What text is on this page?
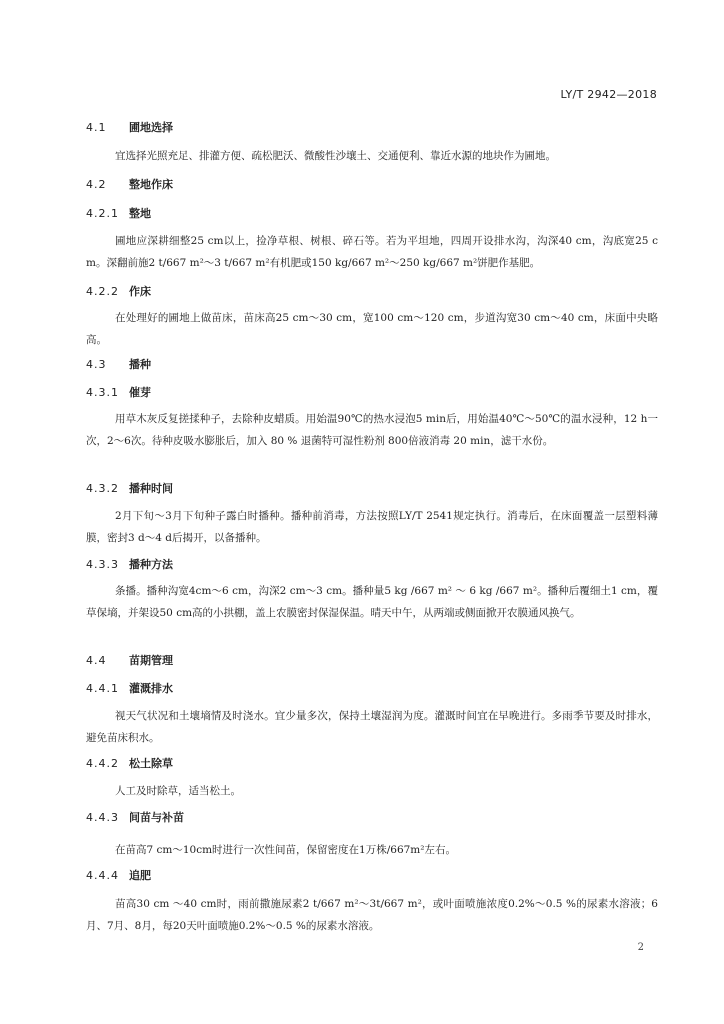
LY/T 2942—2018
4.1 圃地选择
宜选择光照充足、排灌方便、疏松肥沃、微酸性沙壤土、交通便利、靠近水源的地块作为圃地。
4.2 整地作床
4.2.1 整地
圃地应深耕细整25 cm以上，捡净草根、树根、碎石等。若为平坦地，四周开设排水沟，沟深40 cm，沟底宽25 cm。深翻前施2 t/667 m²～3 t/667 m²有机肥或150 kg/667 m²～250 kg/667 m²饼肥作基肥。
4.2.2 作床
在处理好的圃地上做苗床，苗床高25 cm～30 cm，宽100 cm～120 cm，步道沟宽30 cm～40 cm，床面中央略高。
4.3 播种
4.3.1 催芽
用草木灰反复搓揉种子，去除种皮蜡质。用始温90℃的热水浸泡5 min后，用始温40℃～50℃的温水浸种，12 h一次，2～6次。待种皮吸水膨胀后，加入 80 % 退菌特可湿性粉剂 800倍液消毒 20 min，滤干水份。
4.3.2 播种时间
2月下旬～3月下旬种子露白时播种。播种前消毒，方法按照LY/T 2541规定执行。消毒后，在床面覆盖一层塑料薄膜，密封3 d～4 d后揭开，以备播种。
4.3.3 播种方法
条播。播种沟宽4cm～6 cm，沟深2 cm～3 cm。播种量5 kg /667 m² ～ 6 kg /667 m²。播种后覆细土1 cm，覆草保墒，并架设50 cm高的小拱棚，盖上农膜密封保湿保温。晴天中午，从两端或侧面掀开农膜通风换气。
4.4 苗期管理
4.4.1 灌溉排水
视天气状况和土壤墒情及时浇水。宜少量多次，保持土壤湿润为度。灌溉时间宜在早晚进行。多雨季节要及时排水，避免苗床积水。
4.4.2 松土除草
人工及时除草，适当松土。
4.4.3 间苗与补苗
在苗高7 cm～10cm时进行一次性间苗，保留密度在1万株/667m²左右。
4.4.4 追肥
苗高30 cm ～40 cm时，雨前撒施尿素2 t/667 m²～3t/667 m²，或叶面喷施浓度0.2%～0.5 %的尿素水溶液；6月、7月、8月，每20天叶面喷施0.2%～0.5 %的尿素水溶液。
2
